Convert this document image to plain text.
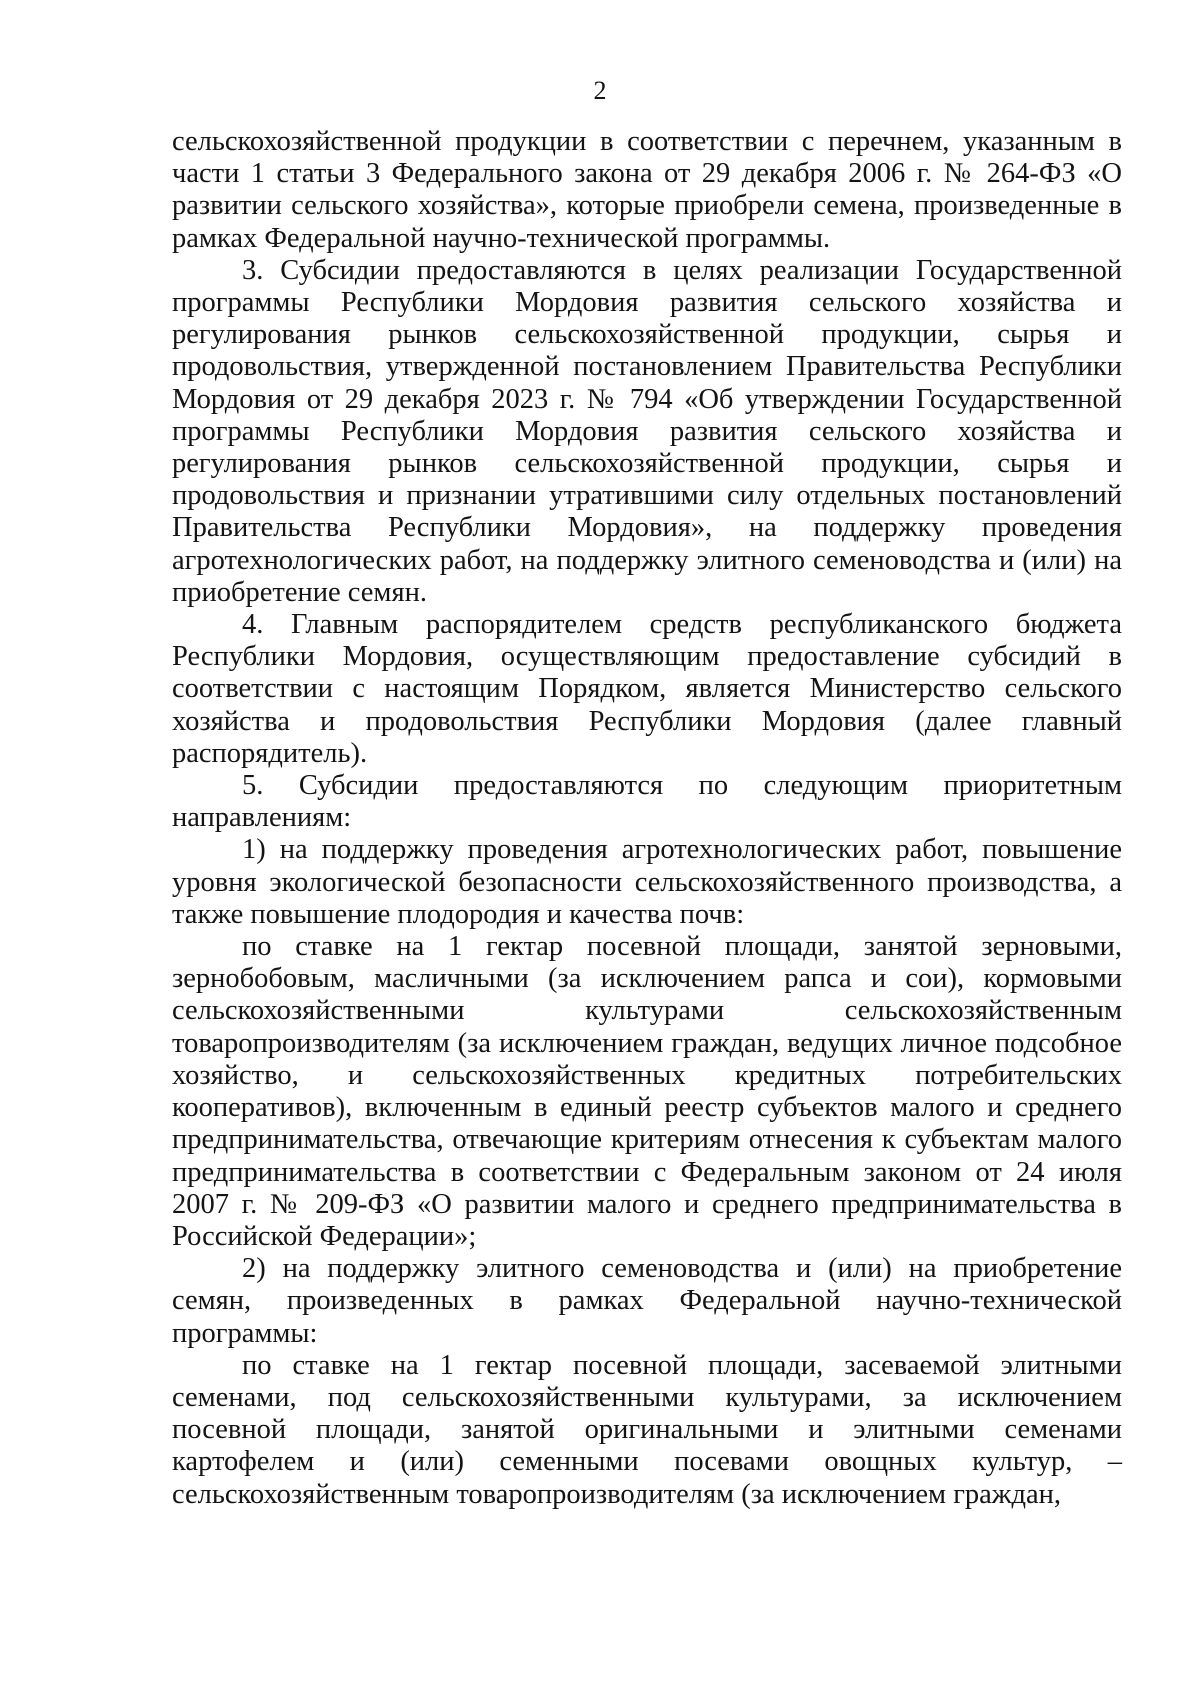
2

сельскохозяйственной продукции в соответствии с перечнем, указанным в части 1 статьи 3 Федерального закона от 29 декабря 2006 г. № 264-ФЗ «О развитии сельского хозяйства», которые приобрели семена, произведенные в рамках Федеральной научно-технической программы.

3. Субсидии предоставляются в целях реализации Государственной программы Республики Мордовия развития сельского хозяйства и регулирования рынков сельскохозяйственной продукции, сырья и продовольствия, утвержденной постановлением Правительства Республики Мордовия от 29 декабря 2023 г. № 794 «Об утверждении Государственной программы Республики Мордовия развития сельского хозяйства и регулирования рынков сельскохозяйственной продукции, сырья и продовольствия и признании утратившими силу отдельных постановлений Правительства Республики Мордовия», на поддержку проведения агротехнологических работ, на поддержку элитного семеноводства и (или) на приобретение семян.

4. Главным распорядителем средств республиканского бюджета Республики Мордовия, осуществляющим предоставление субсидий в соответствии с настоящим Порядком, является Министерство сельского хозяйства и продовольствия Республики Мордовия (далее главный распорядитель).

5. Субсидии предоставляются по следующим приоритетным направлениям:

1) на поддержку проведения агротехнологических работ, повышение уровня экологической безопасности сельскохозяйственного производства, а также повышение плодородия и качества почв:

по ставке на 1 гектар посевной площади, занятой зерновыми, зернобобовым, масличными (за исключением рапса и сои), кормовыми сельскохозяйственными культурами сельскохозяйственным товаропроизводителям (за исключением граждан, ведущих личное подсобное хозяйство, и сельскохозяйственных кредитных потребительских кооперативов), включенным в единый реестр субъектов малого и среднего предпринимательства, отвечающие критериям отнесения к субъектам малого предпринимательства в соответствии с Федеральным законом от 24 июля 2007 г. № 209-ФЗ «О развитии малого и среднего предпринимательства в Российской Федерации»;

2) на поддержку элитного семеноводства и (или) на приобретение семян, произведенных в рамках Федеральной научно-технической программы:

по ставке на 1 гектар посевной площади, засеваемой элитными семенами, под сельскохозяйственными культурами, за исключением посевной площади, занятой оригинальными и элитными семенами картофелем и (или) семенными посевами овощных культур, – сельскохозяйственным товаропроизводителям (за исключением граждан,
